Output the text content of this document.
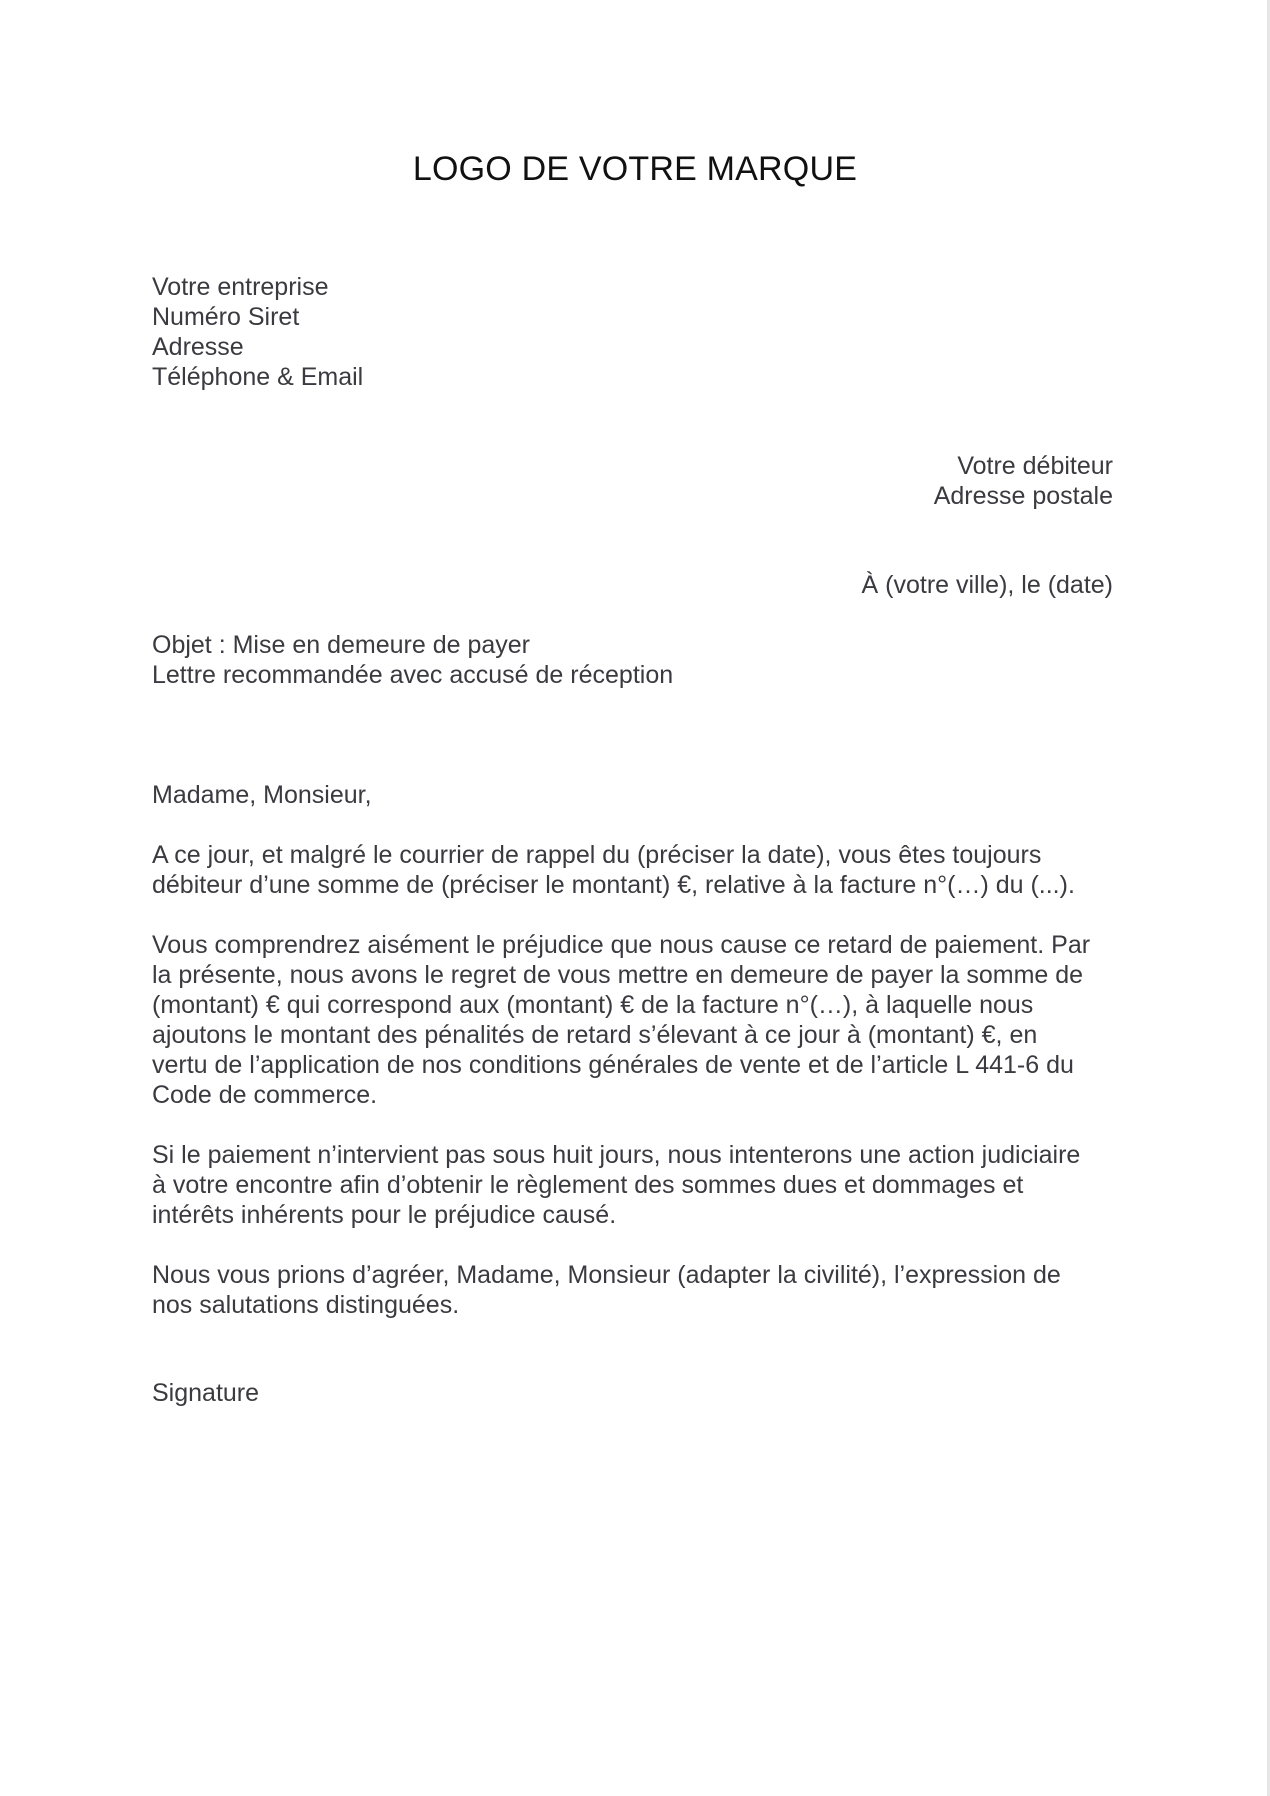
LOGO DE VOTRE MARQUE
Votre entreprise
Numéro Siret
Adresse
Téléphone & Email
Votre débiteur
Adresse postale
À (votre ville), le (date)
Objet : Mise en demeure de payer
Lettre recommandée avec accusé de réception
Madame, Monsieur,
A ce jour, et malgré le courrier de rappel du (préciser la date), vous êtes toujours
débiteur d’une somme de (préciser le montant) €, relative à la facture n°(…) du (...).
Vous comprendrez aisément le préjudice que nous cause ce retard de paiement. Par
la présente, nous avons le regret de vous mettre en demeure de payer la somme de
(montant) € qui correspond aux (montant) € de la facture n°(…), à laquelle nous
ajoutons le montant des pénalités de retard s’élevant à ce jour à (montant) €, en
vertu de l’application de nos conditions générales de vente et de l’article L 441-6 du
Code de commerce.
Si le paiement n’intervient pas sous huit jours, nous intenterons une action judiciaire
à votre encontre afin d’obtenir le règlement des sommes dues et dommages et
intérêts inhérents pour le préjudice causé.
Nous vous prions d’agréer, Madame, Monsieur (adapter la civilité), l’expression de
nos salutations distinguées.
Signature
